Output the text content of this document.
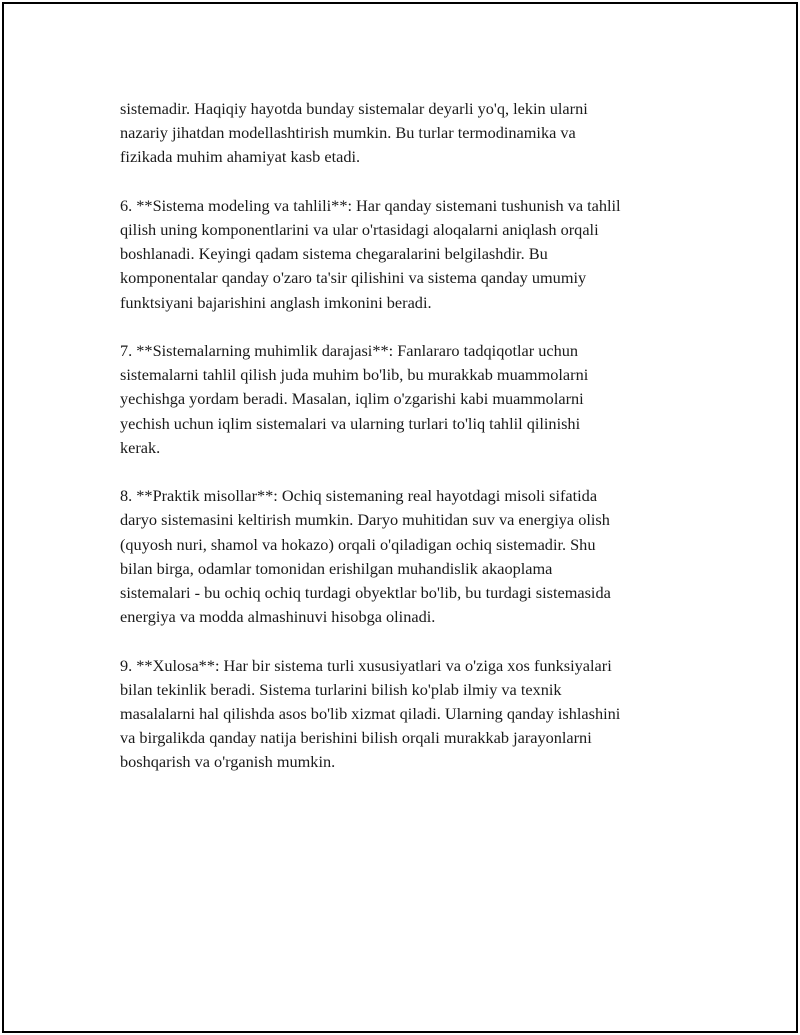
sistemadir. Haqiqiy hayotda bunday sistemalar deyarli yo'q, lekin ularni
nazariy jihatdan modellashtirish mumkin. Bu turlar termodinamika va
fizikada muhim ahamiyat kasb etadi.

6. **Sistema modeling va tahlili**: Har qanday sistemani tushunish va tahlil
qilish uning komponentlarini va ular o'rtasidagi aloqalarni aniqlash orqali
boshlanadi. Keyingi qadam sistema chegaralarini belgilashdir. Bu
komponentalar qanday o'zaro ta'sir qilishini va sistema qanday umumiy
funktsiyani bajarishini anglash imkonini beradi.

7. **Sistemalarning muhimlik darajasi**: Fanlararo tadqiqotlar uchun
sistemalarni tahlil qilish juda muhim bo'lib, bu murakkab muammolarni
yechishga yordam beradi. Masalan, iqlim o'zgarishi kabi muammolarni
yechish uchun iqlim sistemalari va ularning turlari to'liq tahlil qilinishi
kerak.

8. **Praktik misollar**: Ochiq sistemaning real hayotdagi misoli sifatida
daryo sistemasini keltirish mumkin. Daryo muhitidan suv va energiya olish
(quyosh nuri, shamol va hokazo) orqali o'qiladigan ochiq sistemadir. Shu
bilan birga, odamlar tomonidan erishilgan muhandislik akaoplama
sistemalari - bu ochiq ochiq turdagi obyektlar bo'lib, bu turdagi sistemasida
energiya va modda almashinuvi hisobga olinadi.

9. **Xulosa**: Har bir sistema turli xususiyatlari va o'ziga xos funksiyalari
bilan tekinlik beradi. Sistema turlarini bilish ko'plab ilmiy va texnik
masalalarni hal qilishda asos bo'lib xizmat qiladi. Ularning qanday ishlashini
va birgalikda qanday natija berishini bilish orqali murakkab jarayonlarni
boshqarish va o'rganish mumkin.
